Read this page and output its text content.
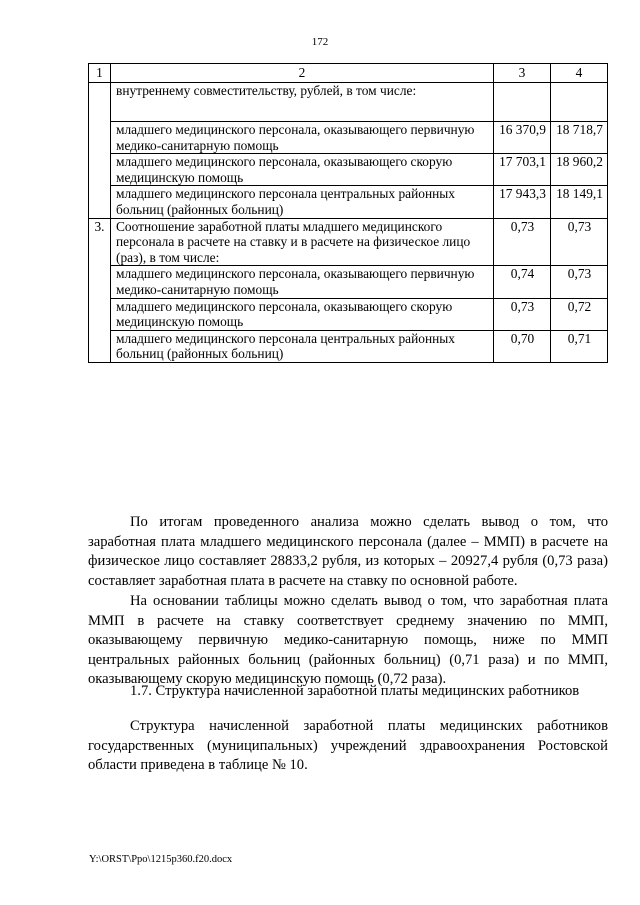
172
1	2	3	4
	внутреннему совместительству, рублей, в том числе:		
	младшего медицинского персонала, оказывающего первичную медико-санитарную помощь	16 370,9	18 718,7
	младшего медицинского персонала, оказывающего скорую медицинскую помощь	17 703,1	18 960,2
	младшего медицинского персонала центральных районных больниц (районных больниц)	17 943,3	18 149,1
3.	Соотношение заработной платы младшего медицинского персонала в расчете на ставку и в расчете на физическое лицо (раз), в том числе:	0,73	0,73
	младшего медицинского персонала, оказывающего первичную медико-санитарную помощь	0,74	0,73
	младшего медицинского персонала, оказывающего скорую медицинскую помощь	0,73	0,72
	младшего медицинского персонала центральных районных больниц (районных больниц)	0,70	0,71

По итогам проведенного анализа можно сделать вывод о том, что заработная плата младшего медицинского персонала (далее – ММП) в расчете на физическое лицо составляет 28833,2 рубля, из которых – 20927,4 рубля (0,73 раза) составляет заработная плата в расчете на ставку по основной работе.

На основании таблицы можно сделать вывод о том, что заработная плата ММП в расчете на ставку соответствует среднему значению по ММП, оказывающему первичную медико-санитарную помощь, ниже по ММП центральных районных больниц (районных больниц) (0,71 раза) и по ММП, оказывающему скорую медицинскую помощь (0,72 раза).

1.7. Структура начисленной заработной платы медицинских работников

Структура начисленной заработной платы медицинских работников государственных (муниципальных) учреждений здравоохранения Ростовской области приведена в таблице № 10.

Y:\ORST\Ppo\1215p360.f20.docx
